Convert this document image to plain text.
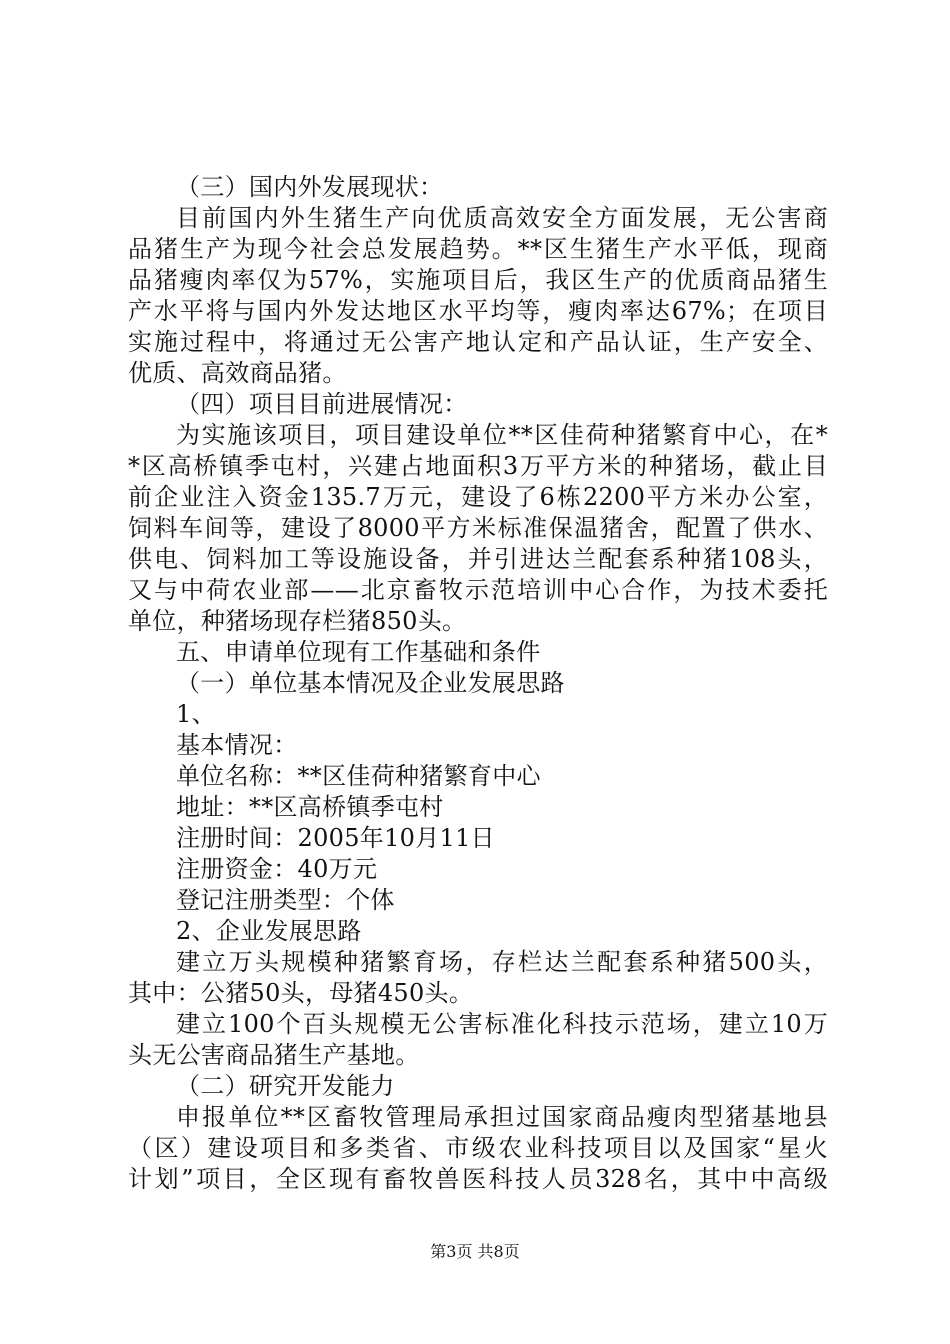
（三）国内外发展现状：
目前国内外生猪生产向优质高效安全方面发展，无公害商
品猪生产为现今社会总发展趋势。**区生猪生产水平低，现商
品猪瘦肉率仅为57%，实施项目后，我区生产的优质商品猪生
产水平将与国内外发达地区水平均等，瘦肉率达67%；在项目
实施过程中，将通过无公害产地认定和产品认证，生产安全、
优质、高效商品猪。
（四）项目目前进展情况：
为实施该项目，项目建设单位**区佳荷种猪繁育中心，在*
*区高桥镇季屯村，兴建占地面积3万平方米的种猪场，截止目
前企业注入资金135.7万元，建设了6栋2200平方米办公室，
饲料车间等，建设了8000平方米标准保温猪舍，配置了供水、
供电、饲料加工等设施设备，并引进达兰配套系种猪108头，
又与中荷农业部——北京畜牧示范培训中心合作，为技术委托
单位，种猪场现存栏猪850头。
五、申请单位现有工作基础和条件
（一）单位基本情况及企业发展思路
1、
基本情况：
单位名称：**区佳荷种猪繁育中心
地址：**区高桥镇季屯村
注册时间：2005年10月11日
注册资金：40万元
登记注册类型：个体
2、企业发展思路
建立万头规模种猪繁育场，存栏达兰配套系种猪500头，
其中：公猪50头，母猪450头。
建立100个百头规模无公害标准化科技示范场，建立10万
头无公害商品猪生产基地。
（二）研究开发能力
申报单位**区畜牧管理局承担过国家商品瘦肉型猪基地县
（区）建设项目和多类省、市级农业科技项目以及国家“星火
计划”项目，全区现有畜牧兽医科技人员328名，其中中高级
第3页 共8页
